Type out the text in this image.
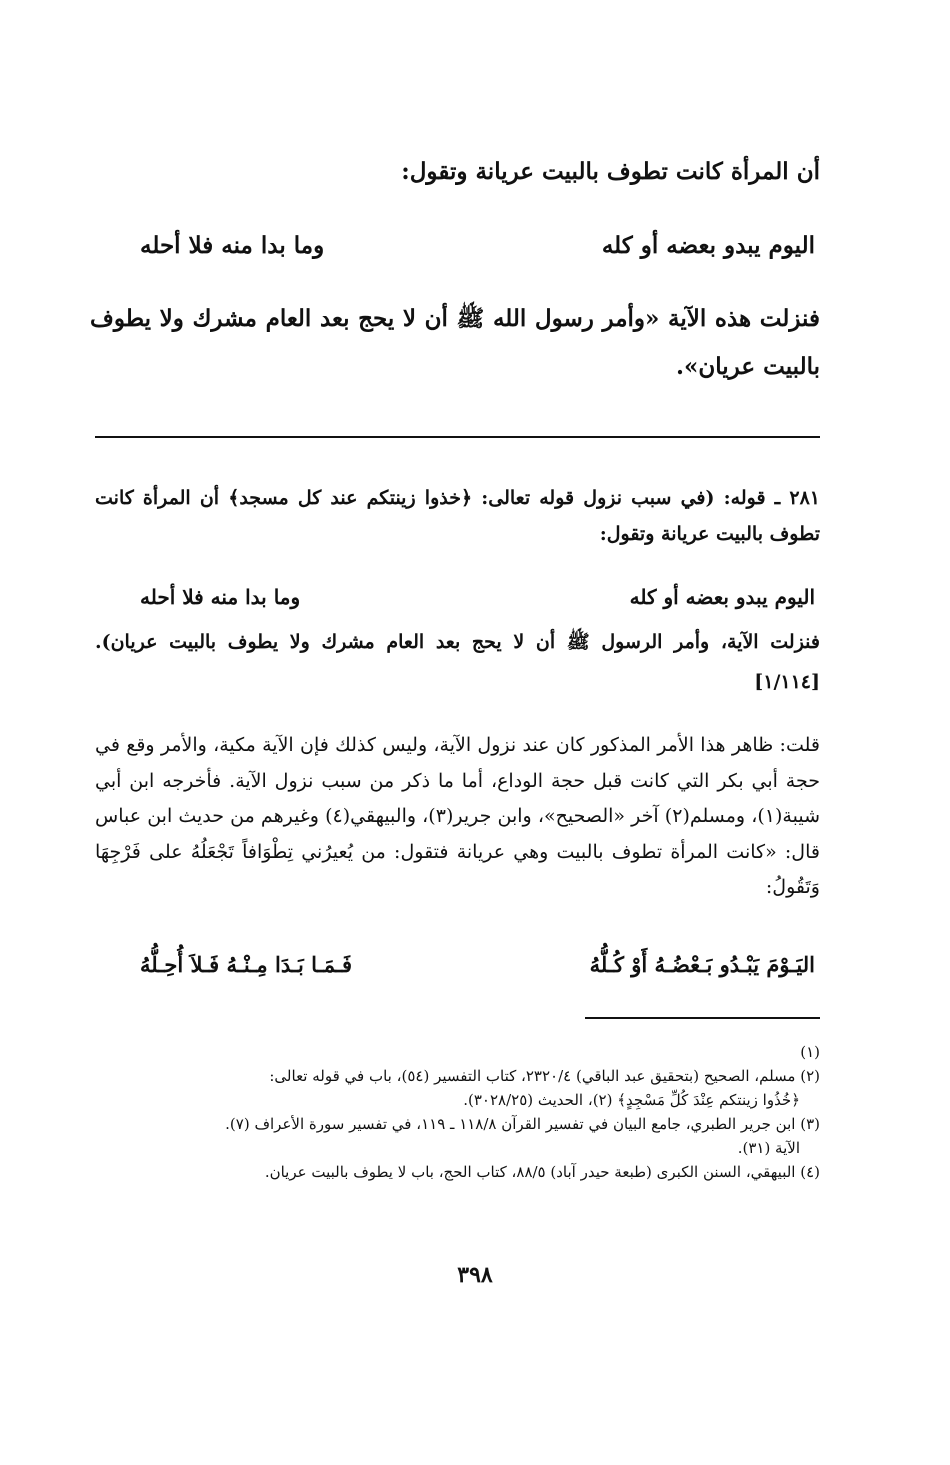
أن المرأة كانت تطوف بالبيت عريانة وتقول:
اليوم يبدو بعضه أو كله
وما بدا منه فلا أحله

فنزلت هذه الآية «وأمر رسول الله ﷺ أن لا يحج بعد العام مشرك ولا يطوف بالبيت عريان».

٢٨١ ـ قوله: (في سبب نزول قوله تعالى: ﴿خذوا زينتكم عند كل مسجد﴾ أن المرأة كانت تطوف بالبيت عريانة وتقول:

اليوم يبدو بعضه أو كله
وما بدا منه فلا أحله

فنزلت الآية، وأمر الرسول ﷺ أن لا يحج بعد العام مشرك ولا يطوف بالبيت عريان). [١/١١٤]

قلت: ظاهر هذا الأمر المذكور كان عند نزول الآية، وليس كذلك فإن الآية مكية، والأمر وقع في حجة أبي بكر التي كانت قبل حجة الوداع، أما ما ذكر من سبب نزول الآية. فأخرجه ابن أبي شيبة(١)، ومسلم(٢) آخر «الصحيح»، وابن جرير(٣)، والبيهقي(٤) وغيرهم من حديث ابن عباس قال: «كانت المرأة تطوف بالبيت وهي عريانة فتقول: من يُعيرُني تِطْوَافاً تَجْعَلُهُ على فَرْجِهَا وَتَقُولُ:

اليَـوْمَ يَبْـدُو بَـعْضُـهُ أَوْ كُـلُّهُ
فَـمَـا بَـدَا مِـنْـهُ فَـلاَ أُحِـلُّهُ

(١)

(٢) مسلم، الصحيح (بتحقيق عبد الباقي) ٢٣٢٠/٤، كتاب التفسير (٥٤)، باب في قوله تعالى:

﴿خُذُوا زينتكم عِنْدَ كُلِّ مَسْجِدٍ﴾ (٢)، الحديث (٣٠٢٨/٢٥).

(٣) ابن جرير الطبري، جامع البيان في تفسير القرآن ١١٨/٨ ـ ١١٩، في تفسير سورة الأعراف (٧).

الآية (٣١).

(٤) البيهقي، السنن الكبرى (طبعة حيدر آباد) ٨٨/٥، كتاب الحج، باب لا يطوف بالبيت عريان.

٣٩٨
